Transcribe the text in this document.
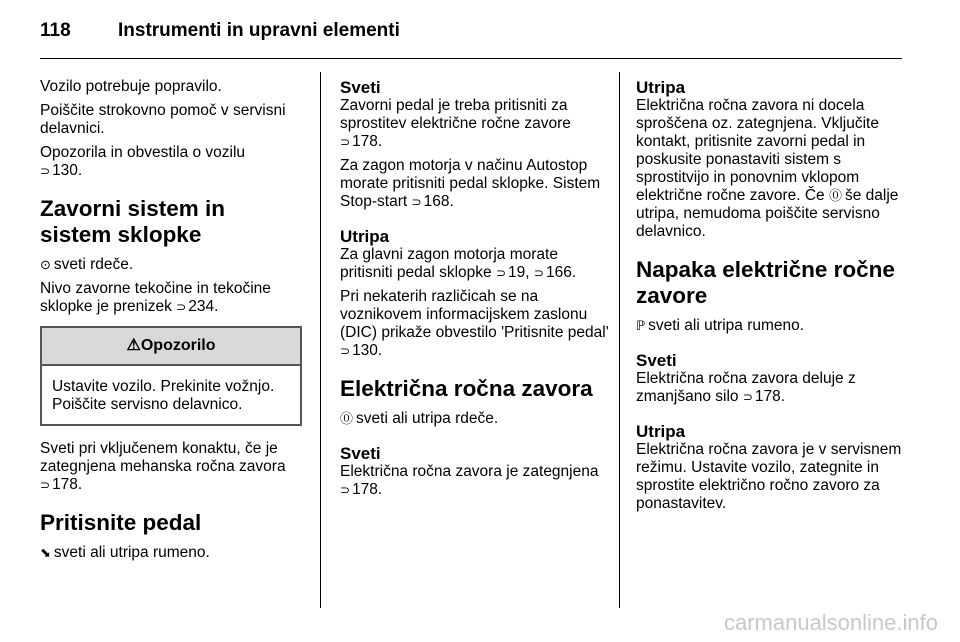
118 Instrumenti in upravni elementi

Vozilo potrebuje popravilo.

Poiščite strokovno pomoč v servisni delavnici.

Opozorila in obvestila o vozilu
⊃ 130.

Zavorni sistem in sistem sklopke

⊙ sveti rdeče.

Nivo zavorne tekočine in tekočine sklopke je prenizek ⊃ 234.

⚠Opozorilo
Ustavite vozilo. Prekinite vožnjo. Poiščite servisno delavnico.

Sveti pri vključenem konaktu, če je zategnjena mehanska ročna zavora
⊃ 178.

Pritisnite pedal

⬊ sveti ali utripa rumeno.

Sveti

Zavorni pedal je treba pritisniti za sprostitev električne ročne zavore
⊃ 178.

Za zagon motorja v načinu Autostop morate pritisniti pedal sklopke. Sistem Stop-start ⊃ 168.

Utripa

Za glavni zagon motorja morate pritisniti pedal sklopke ⊃ 19, ⊃ 166.

Pri nekaterih različicah se na voznikovem informacijskem zaslonu (DIC) prikaže obvestilo 'Pritisnite pedal' ⊃ 130.

Električna ročna zavora

⓪ sveti ali utripa rdeče.

Sveti

Električna ročna zavora je zategnjena
⊃ 178.

Utripa

Električna ročna zavora ni docela sproščena oz. zategnjena. Vključite kontakt, pritisnite zavorni pedal in poskusite ponastaviti sistem s sprostitvijo in ponovnim vklopom električne ročne zavore. Če ⓪ še dalje utripa, nemudoma poiščite servisno delavnico.

Napaka električne ročne zavore

ℙ sveti ali utripa rumeno.

Sveti

Električna ročna zavora deluje z zmanjšano silo ⊃ 178.

Utripa

Električna ročna zavora je v servisnem režimu. Ustavite vozilo, zategnite in sprostite električno ročno zavoro za ponastavitev.

carmanualsonline.info
